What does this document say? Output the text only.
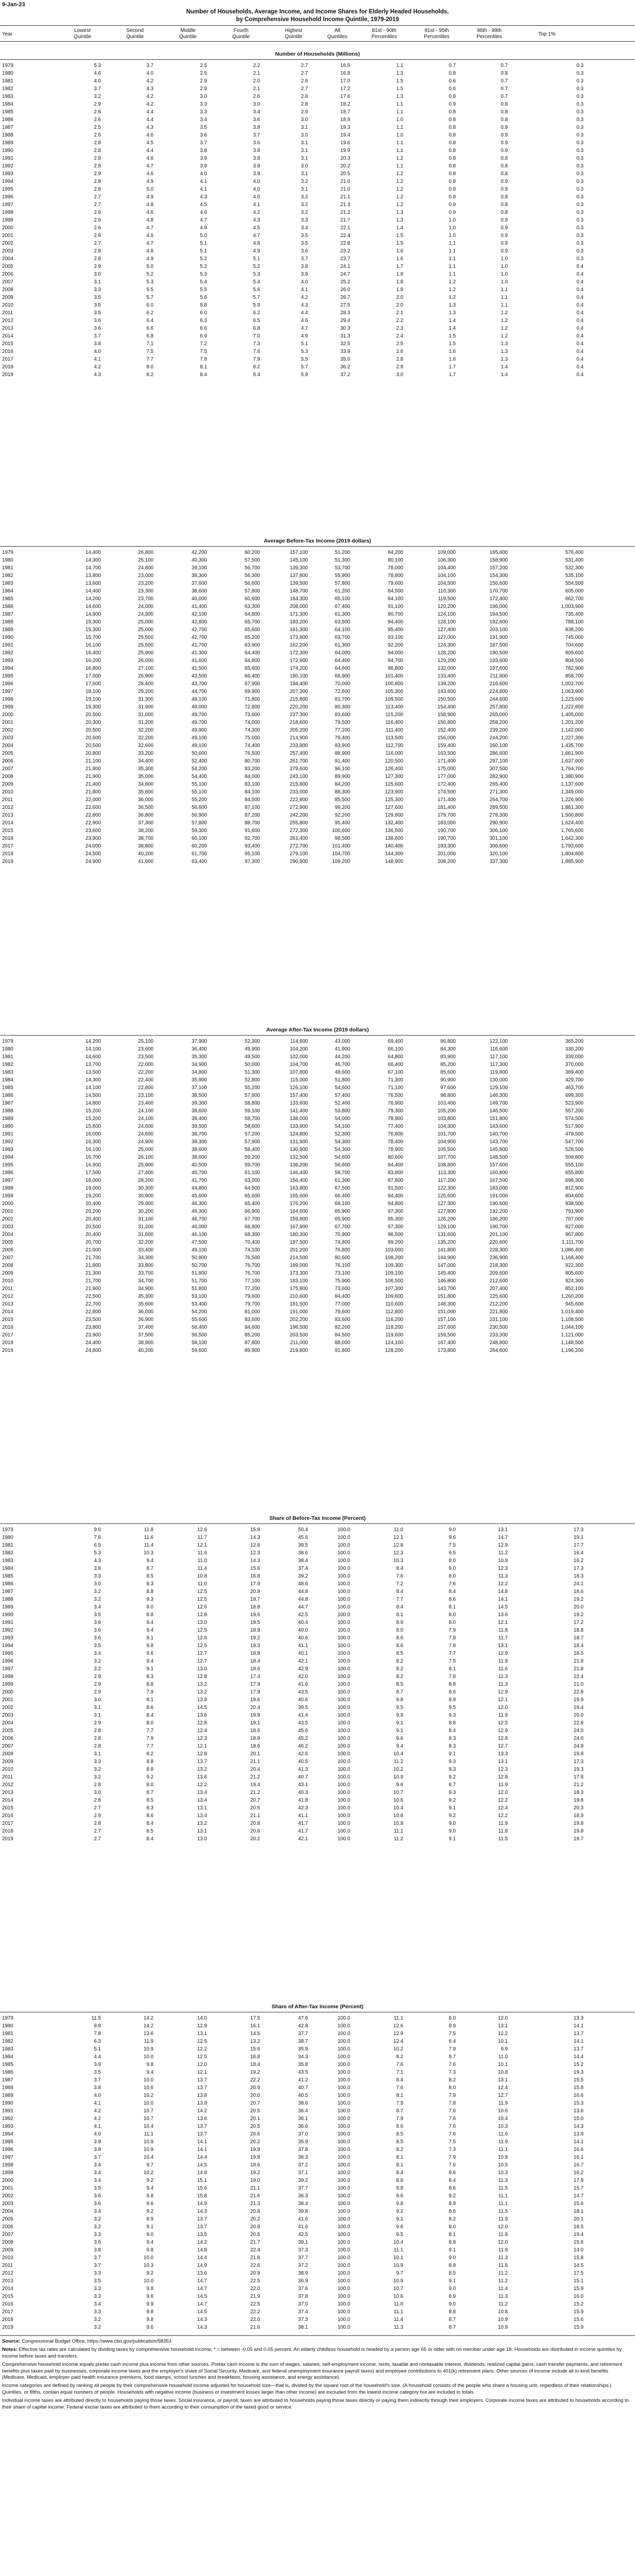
9-Jan-23
Number of Households, Average Income, and Income Shares for Elderly Headed Households,
by Comprehensive Household Income Quintile, 1979-2019
Year
Lowest
Quintile
Second
Quintile
Middle
Quintile
Fourth
Quintile
Highest
Quintile
All
Quintiles
81st - 90th
Percentiles
91st - 95th
Percentiles
96th - 99th
Percentiles	Top 1%
Number of Households (Millions)
1979	5.3	3.7	2.5	2.2	2.7	16.5	1.1	0.7	0.7	0.3	
1980	4.6	4.0	2.5	2.1	2.7	16.8	1.3	0.8	0.8	0.3	
1981	4.0	4.2	2.9	2.0	2.6	17.0	1.5	0.6	0.7	0.3	
1982	3.7	4.3	2.9	2.1	2.7	17.2	1.5	0.6	0.7	0.3	
1983	3.2	4.2	3.0	2.6	2.8	17.6	1.3	0.8	0.7	0.3	
1984	2.9	4.2	3.3	3.0	2.8	18.2	1.1	0.9	0.8	0.3	
1985	2.8	4.4	3.3	3.4	2.9	18.7	1.1	0.8	0.8	0.3	
1986	2.6	4.4	3.4	3.6	3.0	18.9	1.0	0.8	0.8	0.3	
1987	2.5	4.3	3.5	3.8	3.1	19.3	1.1	0.8	0.9	0.3	
1988	2.6	4.6	3.6	3.7	3.0	19.4	1.0	0.8	0.9	0.3	
1989	2.8	4.5	3.7	3.6	3.1	19.6	1.1	0.8	0.9	0.3	
1990	2.8	4.4	3.8	3.8	3.1	19.9	1.1	0.8	0.9	0.3	
1991	2.8	4.6	3.9	3.8	3.1	20.3	1.2	0.8	0.8	0.3	
1992	2.8	4.7	3.9	3.8	3.0	20.2	1.1	0.8	0.8	0.3	
1993	2.9	4.6	4.0	3.9	3.1	20.5	1.2	0.8	0.8	0.3	
1994	2.8	4.9	4.1	4.0	3.2	21.0	1.2	0.8	0.9	0.3	
1995	2.8	5.0	4.1	4.0	3.1	21.0	1.2	0.8	0.9	0.3	
1996	2.7	4.9	4.3	4.0	3.2	21.1	1.2	0.8	0.8	0.3	
1997	2.7	4.8	4.5	4.1	3.2	21.3	1.2	0.9	0.8	0.3	
1998	2.6	4.6	4.6	4.2	3.2	21.2	1.3	0.9	0.8	0.3	
1999	2.6	4.8	4.7	4.3	3.3	21.7	1.3	1.0	0.9	0.3	
2000	2.6	4.7	4.9	4.5	3.4	22.1	1.4	1.0	0.9	0.3	
2001	2.6	4.6	5.0	4.7	3.5	22.4	1.5	1.0	0.9	0.3	
2002	2.7	4.7	5.1	4.8	3.5	22.8	1.5	1.1	0.9	0.3	
2003	2.8	4.8	5.1	4.9	3.6	23.2	1.6	1.1	0.9	0.3	
2004	2.8	4.9	5.2	5.1	3.7	23.7	1.6	1.1	1.0	0.3	
2005	2.9	5.0	5.2	5.2	3.8	24.1	1.7	1.1	1.0	0.4	
2006	3.0	5.2	5.3	5.3	3.9	24.7	1.8	1.1	1.0	0.4	
2007	3.1	5.3	5.4	5.4	4.0	25.2	1.8	1.2	1.0	0.4	
2008	3.3	5.5	5.5	5.6	4.1	26.0	1.9	1.2	1.1	0.4	
2009	3.5	5.7	5.6	5.7	4.2	26.7	2.0	1.2	1.1	0.4	
2010	3.5	6.0	5.8	5.9	4.3	27.5	2.0	1.3	1.1	0.4	
2011	3.5	6.2	6.0	6.2	4.4	28.3	2.1	1.3	1.2	0.4	
2012	3.6	6.4	6.3	6.5	4.6	29.4	2.2	1.4	1.2	0.4	
2013	3.6	6.6	6.6	6.8	4.7	30.3	2.3	1.4	1.2	0.4	
2014	3.7	6.8	6.9	7.0	4.9	31.3	2.4	1.5	1.2	0.4	
2015	3.8	7.1	7.2	7.3	5.1	32.5	2.5	1.5	1.3	0.4	
2016	4.0	7.5	7.5	7.6	5.3	33.9	2.6	1.6	1.3	0.4	
2017	4.1	7.7	7.8	7.9	5.5	35.0	2.8	1.6	1.3	0.4	
2018	4.2	8.0	8.1	8.2	5.7	36.2	2.9	1.7	1.4	0.4	
2019	4.3	8.2	8.4	8.4	5.9	37.2	3.0	1.7	1.4	0.4	
Average Before-Tax Income (2019 dollars)
1979	14,400	26,800	42,200	60,200	157,100	51,200	84,200	109,000	165,600	576,400	
1980	14,300	25,100	40,300	57,500	145,100	51,300	80,100	106,300	158,900	531,400	
1981	14,700	24,800	39,100	56,700	139,300	53,700	78,000	104,400	157,200	532,300	
1982	13,800	23,000	38,300	56,300	137,800	55,900	78,800	104,100	154,300	535,100	
1983	13,600	23,200	37,600	56,600	139,500	57,800	79,600	104,500	156,600	554,500	
1984	14,400	23,300	38,600	57,800	148,700	61,200	84,500	110,300	170,700	605,000	
1985	14,200	23,700	40,000	60,600	164,300	65,100	84,100	119,500	172,400	662,700	
1986	14,600	24,000	41,400	63,300	208,000	67,400	91,100	120,200	196,000	1,003,900	
1987	14,900	24,300	42,100	64,800	171,300	61,300	90,700	124,100	194,500	735,400	
1988	15,300	25,000	42,800	65,700	183,200	63,500	94,400	128,100	192,600	788,100	
1989	15,300	25,000	42,700	65,600	181,300	64,100	95,400	127,400	203,100	838,200	
1990	15,700	25,500	42,700	65,200	173,800	63,700	93,100	127,000	191,900	745,000	
1991	16,100	25,500	41,700	63,900	162,200	61,300	92,200	124,300	187,500	704,600	
1992	16,400	25,900	41,300	64,400	172,300	64,000	94,000	128,200	190,500	805,600	
1993	16,200	26,000	41,600	64,800	172,900	64,400	94,700	129,200	193,600	804,500	
1994	16,800	27,100	41,500	65,600	174,200	64,600	96,800	132,000	197,600	782,900	
1995	17,000	26,900	43,500	66,400	180,100	66,900	101,400	133,400	211,800	858,700	
1996	17,600	28,400	43,700	67,900	194,400	70,000	100,800	139,200	216,600	1,002,700	
1997	18,100	29,200	44,700	69,900	207,300	72,600	105,300	143,600	224,800	1,063,900	
1998	19,100	31,300	48,100	71,800	215,800	81,700	109,500	150,500	244,600	1,223,600	
1999	19,300	31,900	49,000	72,800	220,200	80,300	113,400	154,400	257,800	1,222,800	
2000	20,500	31,000	49,700	73,600	237,300	83,600	115,200	158,900	265,000	1,405,000	
2001	20,300	31,200	49,700	74,000	218,600	79,500	116,400	156,800	258,200	1,201,200	
2002	20,500	32,200	49,900	74,300	205,200	77,200	111,400	152,400	239,200	1,142,000	
2003	20,600	32,200	49,100	75,000	214,900	79,400	113,500	156,000	244,200	1,227,300	
2004	20,500	32,600	49,100	74,400	233,800	83,900	112,700	159,400	260,100	1,435,700	
2005	20,800	33,200	50,600	76,500	257,400	88,900	116,000	163,500	286,600	1,661,900	
2006	21,100	34,400	52,400	80,700	261,700	91,400	120,500	171,400	297,100	1,637,600	
2007	21,800	35,300	54,200	83,200	279,600	96,100	126,400	175,000	307,500	1,764,700	
2008	21,900	35,000	54,400	84,000	243,100	89,900	127,300	177,000	282,900	1,380,900	
2009	21,400	34,800	55,100	83,100	215,800	84,200	125,600	172,400	265,400	1,137,600	
2010	21,800	35,800	55,100	84,100	233,000	88,300	123,900	174,500	271,300	1,349,000	
2011	22,000	36,000	55,200	84,500	222,800	85,500	125,300	171,400	264,700	1,226,900	
2012	22,600	36,500	56,600	87,100	272,900	99,200	127,600	181,400	289,500	1,861,300	
2013	22,800	36,800	56,900	87,200	242,200	92,200	129,800	179,700	278,300	1,500,800	
2014	22,900	37,300	57,800	88,700	255,800	95,400	132,400	183,000	290,900	1,624,400	
2015	23,600	38,200	59,300	91,600	272,300	100,600	136,500	190,700	306,100	1,765,600	
2016	23,900	38,700	60,100	92,700	261,400	98,500	138,600	190,700	301,100	1,642,300	
2017	24,000	38,800	60,200	93,400	272,700	101,400	140,400	193,300	306,600	1,793,600	
2018	24,500	40,200	61,700	95,100	279,100	104,700	144,300	201,000	320,100	1,804,800	
2019	24,900	41,600	63,400	97,300	290,900	109,200	148,900	208,200	337,300	1,885,900	
Average After-Tax Income (2019 dollars)
1979	14,200	25,100	37,900	52,300	114,600	43,000	69,400	86,800	122,100	365,200	
1980	14,100	23,600	36,400	49,900	104,200	41,900	66,100	84,300	116,600	330,200	
1981	14,600	23,500	35,300	49,500	102,000	44,200	64,800	83,900	117,100	339,000	
1982	13,700	22,000	34,900	50,000	104,700	46,700	66,400	85,200	117,300	370,000	
1983	13,500	22,200	34,800	51,300	107,800	48,600	67,100	85,600	119,800	389,400	
1984	14,300	22,400	35,900	52,800	115,000	51,800	71,300	90,900	130,000	429,700	
1985	14,100	22,800	37,100	55,200	126,100	54,600	71,100	97,600	129,100	463,700	
1986	14,500	23,100	38,500	57,800	157,400	57,400	76,500	98,800	146,300	699,300	
1987	14,800	23,400	39,300	58,800	133,600	52,400	76,900	103,400	149,700	523,900	
1988	15,200	24,100	39,600	59,100	141,400	53,800	79,300	105,200	146,500	557,200	
1989	15,200	24,100	39,400	58,700	138,000	54,000	78,900	103,800	151,800	574,500	
1990	15,600	24,600	39,500	58,600	133,900	54,100	77,400	104,300	143,600	517,900	
1991	16,000	24,600	38,700	57,200	124,800	52,300	76,800	101,700	140,700	479,500	
1992	16,300	24,900	38,300	57,900	131,900	54,300	78,400	104,900	143,700	547,700	
1993	16,100	25,000	38,600	58,400	130,900	54,300	78,900	105,500	145,800	528,500	
1994	16,700	26,100	38,600	59,200	132,500	54,600	80,600	107,700	148,500	508,800	
1995	16,900	25,900	40,500	59,700	136,200	56,600	84,400	108,800	157,600	555,100	
1996	17,500	27,400	40,700	61,100	146,400	58,700	83,800	113,300	160,800	655,800	
1997	18,000	28,200	41,700	63,000	156,400	61,300	87,800	117,200	167,500	698,300	
1998	19,000	30,300	44,800	64,500	163,800	67,500	91,500	122,300	183,000	812,900	
1999	19,200	30,900	45,600	65,600	165,600	66,400	94,400	125,600	191,000	804,600	
2000	20,400	29,900	46,300	65,400	176,200	68,100	94,800	127,300	190,600	938,500	
2001	20,200	30,200	46,300	66,900	164,600	65,900	97,300	127,800	192,200	791,900	
2002	20,400	31,100	46,700	67,700	159,800	65,900	95,300	126,200	186,200	767,000	
2003	20,500	31,200	46,000	68,800	167,900	67,700	97,300	129,100	190,700	827,000	
2004	20,400	31,600	46,100	68,300	180,300	70,900	96,500	131,600	201,100	967,800	
2005	20,700	32,200	47,500	70,400	197,500	74,800	99,200	135,200	220,600	1,111,700	
2006	21,000	33,400	49,100	74,100	201,200	76,800	103,000	141,800	228,300	1,086,400	
2007	21,700	34,300	50,800	76,500	214,500	80,600	108,200	144,900	236,900	1,168,400	
2008	21,800	33,800	50,700	76,700	189,000	76,100	109,300	147,000	218,300	922,300	
2009	21,300	33,700	51,800	76,700	173,300	73,100	109,100	145,400	209,600	805,600	
2010	21,700	34,700	51,700	77,100	183,100	75,900	106,500	146,800	212,600	924,300	
2011	21,900	34,900	51,800	77,200	175,800	73,600	107,300	143,700	207,400	852,100	
2012	22,500	35,300	53,100	79,600	210,600	84,400	109,600	151,800	225,600	1,260,200	
2013	22,700	35,600	53,400	79,700	181,500	77,000	110,600	148,300	212,200	945,600	
2014	22,800	36,000	54,200	81,000	191,000	79,600	112,800	151,000	221,800	1,019,400	
2015	23,500	36,900	55,600	83,600	202,200	83,600	116,200	157,100	231,100	1,108,500	
2016	23,800	37,400	56,400	84,600	196,500	82,200	118,200	157,600	230,500	1,044,100	
2017	23,900	37,500	56,500	85,200	203,500	84,500	119,600	159,500	233,300	1,121,000	
2018	24,400	38,900	58,100	87,800	211,000	88,000	124,100	167,400	248,800	1,148,500	
2019	24,800	40,200	59,600	89,900	219,800	91,800	128,200	173,800	264,600	1,196,200	
Share of Before-Tax Income (Percent)
1979	9.0	11.8	12.6	15.9	50.4	100.0	11.0	9.0	13.1	17.3	
1980	7.6	11.6	11.7	14.3	45.6	100.0	12.1	9.6	14.7	19.1	
1981	6.5	11.4	12.1	12.8	39.5	100.0	12.8	7.5	12.9	17.7	
1982	5.3	10.3	11.6	12.3	38.6	100.0	12.3	6.5	11.2	16.4	
1983	4.3	9.4	11.0	14.3	38.4	100.0	10.3	8.0	10.9	16.2	
1984	3.8	8.7	11.4	15.6	37.4	100.0	8.4	9.0	12.3	17.3	
1985	3.3	8.5	10.8	16.8	39.2	100.0	7.6	8.0	11.3	18.3	
1986	3.0	8.3	11.0	17.9	48.6	100.0	7.2	7.6	12.2	24.1	
1987	3.2	8.8	12.5	20.8	44.8	100.0	8.4	8.4	14.8	18.6	
1988	3.2	9.3	12.5	19.7	44.8	100.0	7.7	8.6	14.1	19.2	
1989	3.4	9.0	12.6	18.8	44.7	100.0	8.4	8.1	14.5	20.0	
1990	3.5	8.8	12.8	19.6	42.5	100.0	8.1	8.0	13.6	19.2	
1991	3.6	9.4	13.0	19.5	40.4	100.0	8.9	8.0	12.1	17.2	
1992	3.6	9.4	12.5	18.9	40.0	100.0	8.0	7.9	11.8	18.8	
1993	3.6	9.1	12.6	19.2	40.6	100.0	8.6	7.8	11.7	18.7	
1994	3.5	9.8	12.5	19.3	41.1	100.0	8.6	7.8	13.1	18.4	
1995	3.4	9.6	12.7	18.9	40.1	100.0	8.5	7.7	12.9	18.5	
1996	3.2	9.4	12.7	18.4	42.1	100.0	8.2	7.5	11.8	21.8	
1997	3.2	9.1	13.0	18.6	42.9	100.0	8.2	8.1	11.6	21.8	
1998	2.9	8.3	12.8	17.4	42.0	100.0	8.2	7.8	11.3	22.4	
1999	2.9	8.8	13.2	17.9	41.6	100.0	8.5	8.8	11.3	21.0	
2000	2.9	7.9	13.2	17.9	43.5	100.0	8.7	8.6	12.9	22.8	
2001	3.0	8.1	13.9	19.6	40.6	100.0	9.8	8.9	12.1	19.9	
2002	3.1	8.6	14.5	20.4	39.5	100.0	9.5	9.5	12.0	19.4	
2003	3.1	8.4	13.6	19.9	41.4	100.0	9.9	9.3	11.9	20.0	
2004	2.9	8.0	12.8	19.1	43.5	100.0	9.1	8.8	12.5	22.8	
2005	2.8	7.7	12.4	18.6	45.6	100.0	9.1	8.4	12.9	24.0	
2006	2.8	7.9	12.3	18.9	45.2	100.0	9.6	8.3	12.8	24.0	
2007	2.8	7.7	12.1	18.6	46.2	100.0	9.4	8.3	12.7	24.9	
2008	3.1	8.2	12.8	20.1	42.6	100.0	10.4	9.1	13.3	19.8	
2009	3.3	8.8	13.7	21.1	40.5	100.0	11.2	9.3	13.1	17.3	
2010	3.2	8.8	13.2	20.4	41.3	100.0	10.2	9.3	12.3	19.3	
2011	3.2	9.2	13.6	21.2	40.7	100.0	10.9	9.2	12.8	17.8	
2012	2.8	8.0	12.2	19.4	43.1	100.0	9.6	8.7	11.9	21.2	
2013	3.0	8.7	13.4	21.2	40.3	100.0	10.7	9.3	12.0	18.3	
2014	2.8	8.5	13.4	20.7	41.8	100.0	10.6	9.2	12.2	19.8	
2015	2.7	8.3	13.1	20.5	42.3	100.0	10.4	9.1	12.4	20.3	
2016	2.9	8.6	13.4	21.1	41.1	100.0	10.8	9.2	12.2	18.9	
2017	2.8	8.4	13.2	20.8	41.7	100.0	10.9	9.0	11.9	19.8	
2018	2.7	8.5	13.1	20.6	41.7	100.0	11.1	9.0	11.8	19.8	
2019	2.7	8.4	13.0	20.2	42.1	100.0	11.2	9.1	11.5	19.7	
Share of After-Tax Income (Percent)
1979	11.5	14.2	14.0	17.5	47.6	100.0	11.1	8.0	12.0	13.3	
1980	9.8	14.2	12.8	16.1	42.8	100.0	12.6	8.9	13.1	14.1	
1981	7.8	13.6	13.1	14.5	37.7	100.0	12.9	7.5	12.2	13.7	
1982	6.3	11.9	12.5	13.2	38.7	100.0	12.4	6.4	10.1	14.1	
1983	5.1	10.9	12.2	15.6	35.9	100.0	10.2	7.9	9.9	13.7	
1984	4.4	10.0	12.5	16.8	34.3	100.0	8.2	8.7	11.0	14.4	
1985	3.9	9.8	12.0	18.4	35.8	100.0	7.6	7.6	10.1	15.2	
1986	3.5	9.4	12.1	19.2	43.5	100.0	7.1	7.3	10.8	19.3	
1987	3.7	10.0	13.7	22.2	41.2	100.0	8.4	8.2	13.1	15.5	
1988	3.8	10.6	13.7	20.9	40.7	100.0	7.6	8.0	12.4	15.8	
1989	4.0	10.2	13.8	20.0	40.5	100.0	8.1	7.9	12.7	16.6	
1990	4.1	10.0	13.9	20.7	38.6	100.0	7.9	7.8	11.9	15.3	
1991	4.2	10.7	14.2	20.5	36.4	100.0	8.7	7.6	10.6	13.6	
1992	4.2	10.7	13.6	20.1	36.1	100.0	7.9	7.6	10.4	15.0	
1993	4.1	10.4	13.7	20.5	36.6	100.0	8.6	7.6	10.3	14.3	
1994	4.0	11.1	13.7	20.6	37.0	100.0	8.5	7.6	11.6	13.9	
1995	3.9	10.9	14.1	20.2	35.9	100.0	8.5	7.5	11.9	14.1	
1996	3.8	10.9	14.1	19.9	37.8	100.0	8.2	7.3	11.1	16.6	
1997	3.7	10.4	14.4	19.8	38.3	100.0	8.1	7.9	10.8	16.1	
1998	3.4	9.7	14.5	18.6	37.2	100.0	8.1	7.6	10.5	16.7	
1999	3.4	10.2	14.8	19.2	37.1	100.0	8.4	8.6	10.3	16.2	
2000	3.4	9.2	15.1	19.0	39.2	100.0	8.6	8.4	11.3	17.9	
2001	3.5	9.4	15.6	21.1	37.7	100.0	9.8	8.6	11.5	15.7	
2002	3.6	9.8	15.8	21.6	36.3	100.0	9.6	9.2	11.1	14.7	
2003	3.6	9.6	14.9	21.3	38.4	100.0	9.8	8.9	11.1	15.6	
2004	3.4	9.2	14.3	20.8	39.8	100.0	9.2	8.6	11.5	18.1	
2005	3.2	8.9	13.7	20.2	41.6	100.0	9.1	8.2	11.9	20.1	
2006	3.2	9.1	13.7	20.8	41.6	100.0	9.6	8.0	12.0	18.5	
2007	3.3	9.0	13.5	20.5	42.5	100.0	9.5	8.1	11.8	19.4	
2008	3.6	9.4	14.2	21.7	39.1	100.0	10.4	8.9	12.0	15.6	
2009	3.8	9.8	14.8	22.4	37.3	100.0	11.1	9.1	11.9	14.0	
2010	3.7	10.0	14.4	21.8	37.7	100.0	10.1	9.0	11.3	15.8	
2011	3.7	10.3	14.9	22.6	37.2	100.0	10.9	8.9	11.6	14.5	
2012	3.3	9.2	13.6	20.9	38.9	100.0	9.7	8.5	11.2	17.5	
2013	3.5	10.0	14.7	22.5	36.9	100.0	10.9	9.1	11.2	15.1	
2014	3.3	9.8	14.7	22.0	37.6	100.0	10.7	9.0	11.4	15.9	
2015	3.3	9.6	14.5	21.9	37.8	100.0	10.6	8.9	11.3	16.0	
2016	3.4	9.9	14.7	22.5	37.0	100.0	11.0	9.0	11.2	15.2	
2017	3.3	9.8	14.5	22.2	37.4	100.0	11.1	8.8	10.8	15.9	
2018	3.2	9.8	14.3	22.0	37.3	100.0	11.4	8.7	10.9	15.6	
2019	3.2	9.6	14.3	21.6	38.1	100.0	11.3	8.7	10.9	15.9	

Source: Congressional Budget Office, https://www.cbo.gov/publication/58353

Notes: Effective tax rates are calculated by dividing taxes by comprehensive household income; * = between -0.05 and 0.05 percent. An elderly childless household is headed by a person age 65 or older with no member under age 18. Households are distributed in income quintiles by income before taxes and transfers.

Comprehensive household income equals pretax cash income plus income from other sources. Pretax cash income is the sum of wages, salaries, self-employment income, rents, taxable and nontaxable interest, dividends, realized capital gains, cash transfer payments, and retirement benefits plus taxes paid by businesses, corporate income taxes and the employer's share of Social Security, Medicare, and federal unemployment insurance payroll taxes) and employee contributions to 401(k) retirement plans. Other sources of income include all in-kind benefits (Medicare, Medicaid, employer-paid health insurance premiums, food stamps, school lunches and breakfasts, housing assistance, and energy assistance).

Income categories are defined by ranking all people by their comprehensive household income adjusted for household size—that is, divided by the square root of the household's size. (A household consists of the people who share a housing unit, regardless of their relationships.) Quintiles, or fifths, contain equal numbers of people. Households with negative income (business or investment losses larger than other income) are excluded from the lowest income category but are included in totals.

Individual income taxes are attributed directly to households paying those taxes. Social insurance, or payroll, taxes are attributed to households paying those taxes directly or paying them indirectly through their employers. Corporate income taxes are attributed to households according to their share of capital income. Federal excise taxes are attributed to them according to their consumption of the taxed good or service.
